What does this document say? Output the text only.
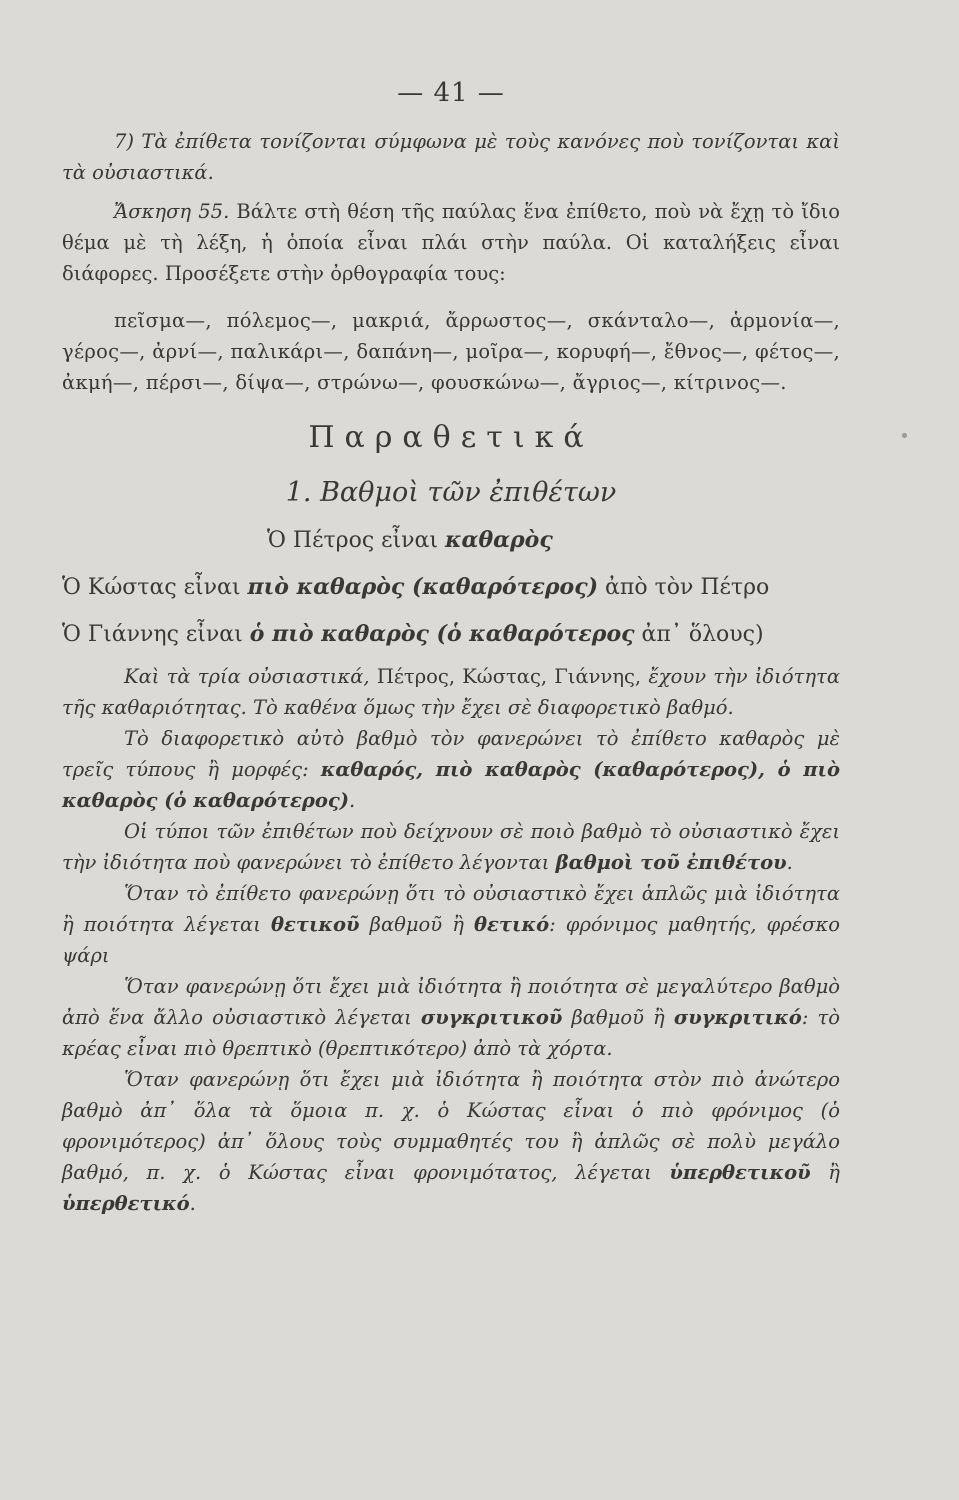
— 41 —

7) Τὰ ἐπίθετα τονίζονται σύμφωνα μὲ τοὺς κανόνες ποὺ τονίζονται καὶ τὰ οὐσιαστικά.

Ἄσκηση 55. Βάλτε στὴ θέση τῆς παύλας ἕνα ἐπίθετο, ποὺ νὰ ἔχῃ τὸ ἴδιο θέμα μὲ τὴ λέξη, ἡ ὁποία εἶναι πλάι στὴν παύλα. Οἱ καταλήξεις εἶναι διάφορες. Προσέξετε στὴν ὀρθογραφία τους:

πεῖσμα—, πόλεμος—, μακριά, ἄρρωστος—, σκάνταλο—, ἁρμονία—, γέρος—, ἀρνί—, παλικάρι—, δαπάνη—, μοῖρα—, κορυφή—, ἔθνος—, φέτος—, ἀκμή—, πέρσι—, δίψα—, στρώνω—, φουσκώνω—, ἄγριος—, κίτρινος—.

Παραθετικά
1. Βαθμοὶ τῶν ἐπιθέτων

Ὁ Πέτρος εἶναι καθαρὸς

Ὁ Κώστας εἶναι πιὸ καθαρὸς (καθαρότερος) ἀπὸ τὸν Πέτρο

Ὁ Γιάννης εἶναι ὁ πιὸ καθαρὸς (ὁ καθαρότερος ἀπ᾽ ὅλους)

Καὶ τὰ τρία οὐσιαστικά, Πέτρος, Κώστας, Γιάννης, ἔχουν τὴν ἰδιότητα τῆς καθαριότητας. Τὸ καθένα ὅμως τὴν ἔχει σὲ διαφορετικὸ βαθμό.

Τὸ διαφορετικὸ αὐτὸ βαθμὸ τὸν φανερώνει τὸ ἐπίθετο καθαρὸς μὲ τρεῖς τύπους ἢ μορφές: καθαρός, πιὸ καθαρὸς (καθαρότερος), ὁ πιὸ καθαρὸς (ὁ καθαρότερος).

Οἱ τύποι τῶν ἐπιθέτων ποὺ δείχνουν σὲ ποιὸ βαθμὸ τὸ οὐσιαστικὸ ἔχει τὴν ἰδιότητα ποὺ φανερώνει τὸ ἐπίθετο λέγονται βαθμοὶ τοῦ ἐπιθέτου.

Ὅταν τὸ ἐπίθετο φανερώνῃ ὅτι τὸ οὐσιαστικὸ ἔχει ἁπλῶς μιὰ ἰδιότητα ἢ ποιότητα λέγεται θετικοῦ βαθμοῦ ἢ θετικό: φρόνιμος μαθητής, φρέσκο ψάρι

Ὅταν φανερώνῃ ὅτι ἔχει μιὰ ἰδιότητα ἢ ποιότητα σὲ μεγαλύτερο βαθμὸ ἀπὸ ἕνα ἄλλο οὐσιαστικὸ λέγεται συγκριτικοῦ βαθμοῦ ἢ συγκριτικό: τὸ κρέας εἶναι πιὸ θρεπτικὸ (θρεπτικότερο) ἀπὸ τὰ χόρτα.

Ὅταν φανερώνῃ ὅτι ἔχει μιὰ ἰδιότητα ἢ ποιότητα στὸν πιὸ ἀνώτερο βαθμὸ ἀπ᾽ ὅλα τὰ ὅμοια π. χ. ὁ Κώστας εἶναι ὁ πιὸ φρόνιμος (ὁ φρονιμότερος) ἀπ᾽ ὅλους τοὺς συμμαθητές του ἢ ἁπλῶς σὲ πολὺ μεγάλο βαθμό, π. χ. ὁ Κώστας εἶναι φρονιμότατος, λέγεται ὑπερθετικοῦ ἢ ὑπερθετικό.
